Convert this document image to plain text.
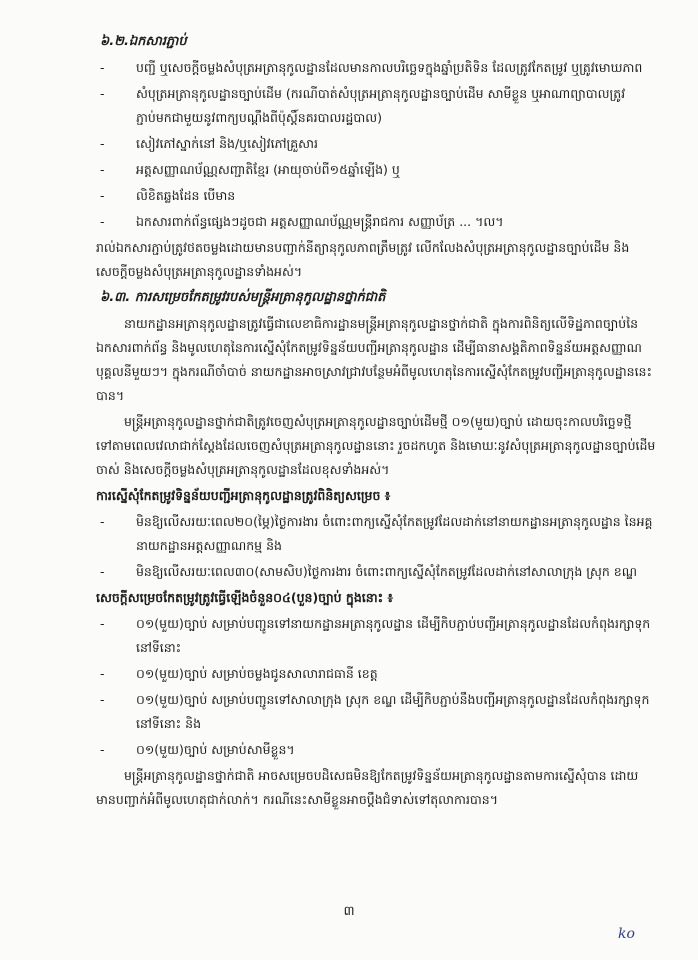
៦.២.ឯកសារភ្ជាប់
-	បញ្ជី ឬសេចក្ដីចម្លងសំបុត្រអត្រានុកូលដ្ឋានដែលមានកាលបរិច្ឆេទក្នុងឆ្នាំប្រតិទិន ដែលត្រូវកែតម្រូវ ឬត្រូវមោឃភាព
-	សំបុត្រអត្រានុកូលដ្ឋានច្បាប់ដើម (ករណីបាត់សំបុត្រអត្រានុកូលដ្ឋានច្បាប់ដើម សាមីខ្លួន ឬអាណាព្យាបាលត្រូវភ្ជាប់មកជាមួយនូវពាក្យបណ្ដឹងពីប៉ុស្តិ៍នគរបាលរដ្ឋបាល)
-	សៀវភៅស្នាក់នៅ និង/ឬសៀវភៅគ្រួសារ
-	អត្តសញ្ញាណប័ណ្ណសញ្ជាតិខ្មែរ (អាយុចាប់ពី១៥ឆ្នាំឡើង) ឬ
-	លិខិតឆ្លងដែន បើមាន
-	ឯកសារពាក់ព័ន្ធផ្សេងៗដូចជា អត្តសញ្ញាណប័ណ្ណមន្ត្រីរាជការ សញ្ញាប័ត្រ ... ។ល។
រាល់ឯកសារភ្ជាប់ត្រូវថតចម្លងដោយមានបញ្ជាក់នីត្យានុកូលភាពត្រឹមត្រូវ លើកលែងសំបុត្រអត្រានុកូលដ្ឋានច្បាប់ដើម និងសេចក្ដីចម្លងសំបុត្រអត្រានុកូលដ្ឋានទាំងអស់។
៦.៣. ការសម្រេចកែតម្រូវរបស់មន្ត្រីអត្រានុកូលដ្ឋានថ្នាក់ជាតិ
នាយកដ្ឋានអត្រានុកូលដ្ឋានត្រូវធ្វើជាលេខាធិការដ្ឋានមន្ត្រីអត្រានុកូលដ្ឋានថ្នាក់ជាតិ ក្នុងការពិនិត្យលើទិដ្ឋភាពច្បាប់នៃឯកសារពាក់ព័ន្ធ និងមូលហេតុនៃការស្នើសុំកែតម្រូវទិន្នន័យបញ្ជីអត្រានុកូលដ្ឋាន ដើម្បីធានាសង្គតិភាពទិន្នន័យអត្តសញ្ញាណបុគ្គលនីមួយៗ។ ក្នុងករណីចាំបាច់ នាយកដ្ឋានអាចស្រាវជ្រាវបន្ថែមអំពីមូលហេតុនៃការស្នើសុំកែតម្រូវបញ្ជីអត្រានុកូលដ្ឋាននេះបាន។
មន្ត្រីអត្រានុកូលដ្ឋានថ្នាក់ជាតិត្រូវចេញសំបុត្រអត្រានុកូលដ្ឋានច្បាប់ដើមថ្មី ០១(មួយ)ច្បាប់ ដោយចុះកាលបរិច្ឆេទថ្មីទៅតាមពេលវេលាជាក់ស្ដែងដែលចេញសំបុត្រអត្រានុកូលដ្ឋាននោះ រួចដកហូត និងមោឃៈនូវសំបុត្រអត្រានុកូលដ្ឋានច្បាប់ដើមចាស់ និងសេចក្ដីចម្លងសំបុត្រអត្រានុកូលដ្ឋានដែលខុសទាំងអស់។
ការស្នើសុំកែតម្រូវទិន្នន័យបញ្ជីអត្រានុកូលដ្ឋានត្រូវពិនិត្យសម្រេច ៖
-	មិនឱ្យលើសរយៈពេល២០(ម្ភៃ)ថ្ងៃការងារ ចំពោះពាក្យស្នើសុំកែតម្រូវដែលដាក់នៅនាយកដ្ឋានអត្រានុកូលដ្ឋាន នៃអគ្គនាយកដ្ឋានអត្តសញ្ញាណកម្ម និង
-	មិនឱ្យលើសរយៈពេល៣០(សាមសិប)ថ្ងៃការងារ ចំពោះពាក្យស្នើសុំកែតម្រូវដែលដាក់នៅសាលាក្រុង ស្រុក ខណ្ឌ
សេចក្ដីសម្រេចកែតម្រូវត្រូវធ្វើឡើងចំនួន០៤(បួន)ច្បាប់ ក្នុងនោះ ៖
-	០១(មួយ)ច្បាប់ សម្រាប់បញ្ជូនទៅនាយកដ្ឋានអត្រានុកូលដ្ឋាន ដើម្បីកិបភ្ជាប់បញ្ជីអត្រានុកូលដ្ឋានដែលកំពុងរក្សាទុកនៅទីនោះ
-	០១(មួយ)ច្បាប់ សម្រាប់ចម្លងជូនសាលារាជធានី ខេត្ត
-	០១(មួយ)ច្បាប់ សម្រាប់បញ្ជូនទៅសាលាក្រុង ស្រុក ខណ្ឌ ដើម្បីកិបភ្ជាប់នឹងបញ្ជីអត្រានុកូលដ្ឋានដែលកំពុងរក្សាទុកនៅទីនោះ និង
-	០១(មួយ)ច្បាប់ សម្រាប់សាមីខ្លួន។
មន្ត្រីអត្រានុកូលដ្ឋានថ្នាក់ជាតិ អាចសម្រេចបដិសេធមិនឱ្យកែតម្រូវទិន្នន័យអត្រានុកូលដ្ឋានតាមការស្នើសុំបាន ដោយមានបញ្ជាក់អំពីមូលហេតុជាក់លាក់។ ករណីនេះសាមីខ្លួនអាចប្ដឹងជំទាស់ទៅតុលាការបាន។
៣
ko
